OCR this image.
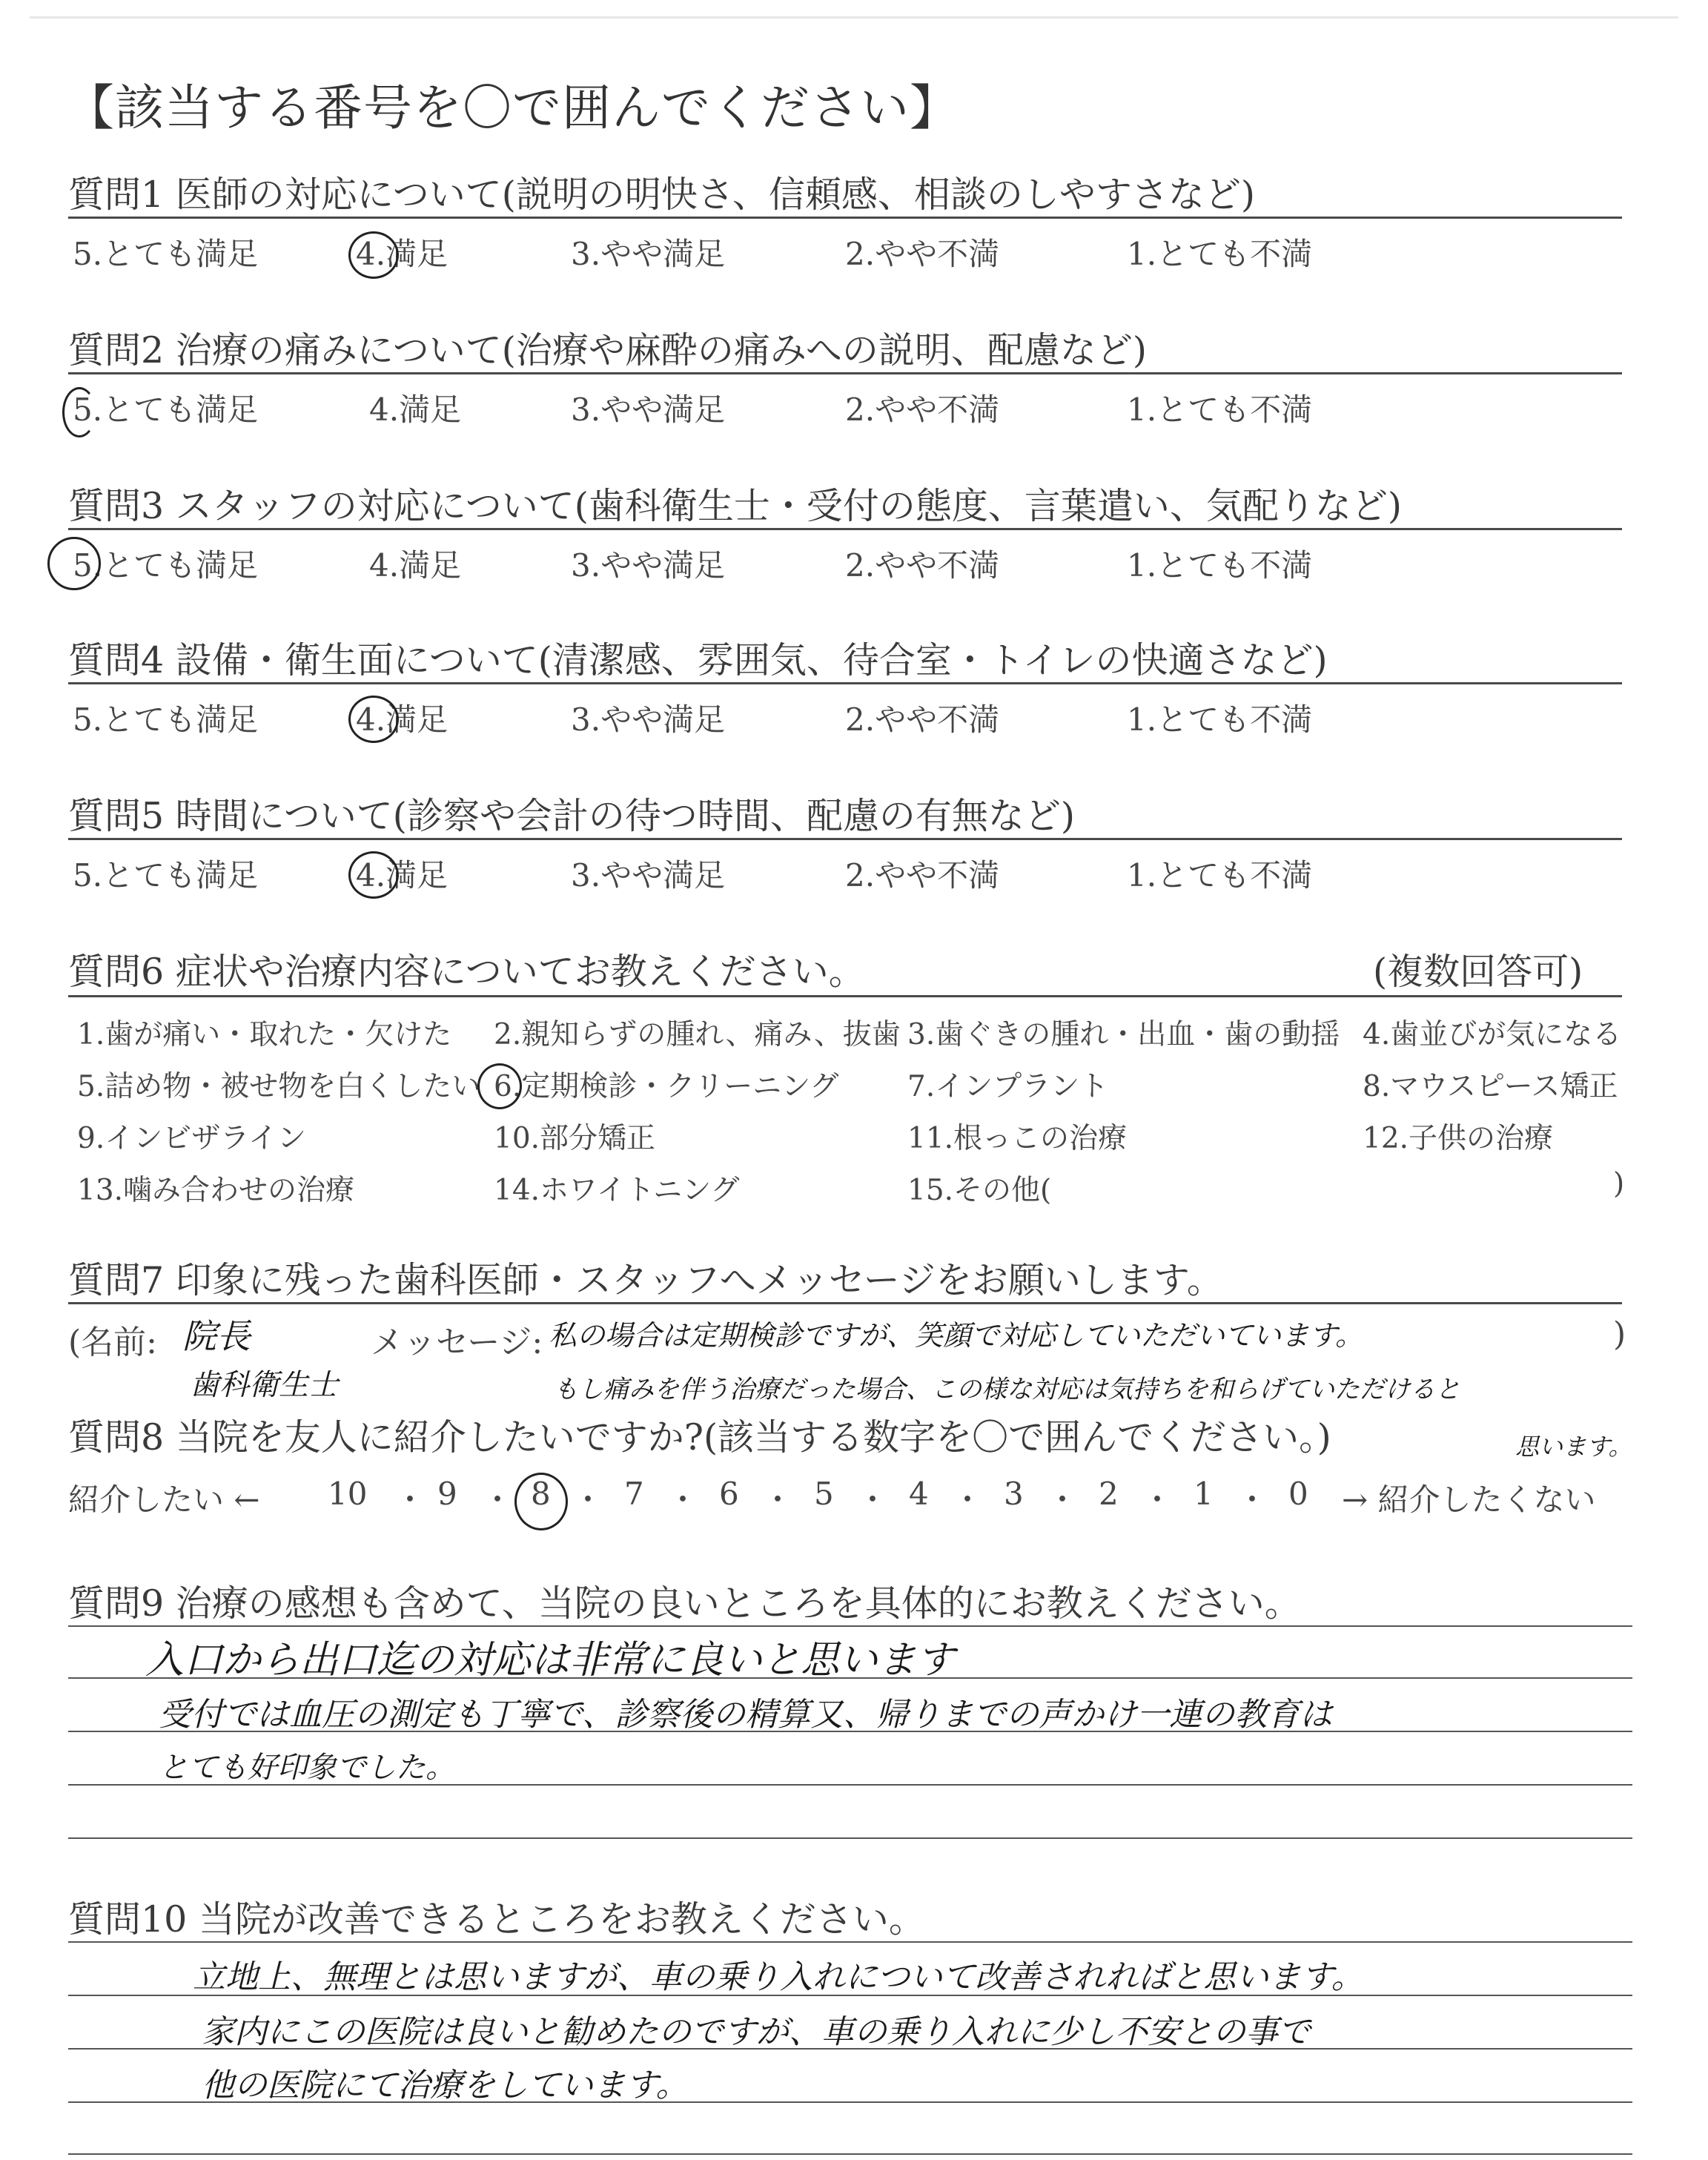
【該当する番号を〇で囲んでください】
質問1 医師の対応について(説明の明快さ、信頼感、相談のしやすさなど)
5.とても満足	4.満足	3.やや満足	2.やや不満	1.とても不満
質問2 治療の痛みについて(治療や麻酔の痛みへの説明、配慮など)
5.とても満足	4.満足	3.やや満足	2.やや不満	1.とても不満
質問3 スタッフの対応について(歯科衛生士・受付の態度、言葉遣い、気配りなど)
5.とても満足	4.満足	3.やや満足	2.やや不満	1.とても不満
質問4 設備・衛生面について(清潔感、雰囲気、待合室・トイレの快適さなど)
5.とても満足	4.満足	3.やや満足	2.やや不満	1.とても不満
質問5 時間について(診察や会計の待つ時間、配慮の有無など)
5.とても満足	4.満足	3.やや満足	2.やや不満	1.とても不満
質問6 症状や治療内容についてお教えください。	(複数回答可)
1.歯が痛い・取れた・欠けた 2.親知らずの腫れ、痛み、抜歯 3.歯ぐきの腫れ・出血・歯の動揺 4.歯並びが気になる
5.詰め物・被せ物を白くしたい 6.定期検診・クリーニング 7.インプラント	8.マウスピース矯正
9.インビザライン	10.部分矯正	11.根っこの治療	12.子供の治療
13.噛み合わせの治療	14.ホワイトニング	15.その他(	)
質問7 印象に残った歯科医師・スタッフへメッセージをお願いします。
(名前:	メッセージ:	)
院長
歯科衛生士
私の場合は定期検診ですが、笑顔で対応していただいています。
もし痛みを伴う治療だった場合、この様な対応は気持ちを和らげていただけると
思います。
質問8 当院を友人に紹介したいですか?(該当する数字を〇で囲んでください。)
紹介したい ← 10 ・ 9 ・ 8 ・ 7 ・ 6 ・ 5 ・ 4 ・ 3 ・ 2 ・ 1 ・ 0 → 紹介したくない
質問9 治療の感想も含めて、当院の良いところを具体的にお教えください。
入口から出口迄の対応は非常に良いと思います
受付では血圧の測定も丁寧で、診察後の精算又、帰りまでの声かけ一連の教育は
とても好印象でした。
質問10 当院が改善できるところをお教えください。
立地上、無理とは思いますが、車の乗り入れについて改善されればと思います。
家内にこの医院は良いと勧めたのですが、車の乗り入れに少し不安との事で
他の医院にて治療をしています。
